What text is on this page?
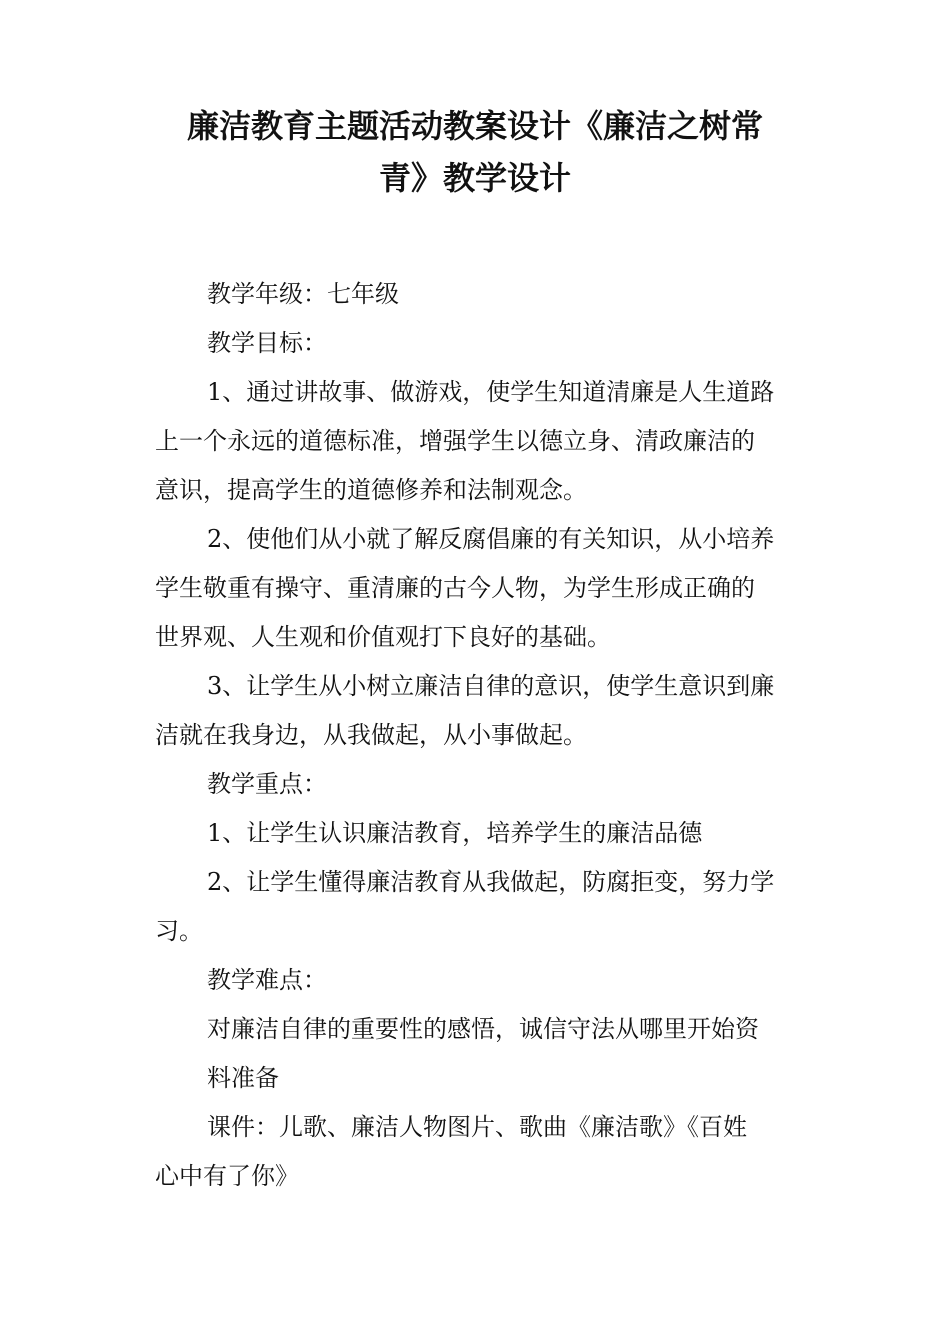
廉洁教育主题活动教案设计《廉洁之树常
青》教学设计
教学年级：七年级
教学目标：
1、通过讲故事、做游戏，使学生知道清廉是人生道路
上一个永远的道德标准，增强学生以德立身、清政廉洁的
意识，提高学生的道德修养和法制观念。
2、使他们从小就了解反腐倡廉的有关知识，从小培养
学生敬重有操守、重清廉的古今人物，为学生形成正确的
世界观、人生观和价值观打下良好的基础。
3、让学生从小树立廉洁自律的意识，使学生意识到廉
洁就在我身边，从我做起，从小事做起。
教学重点：
1、让学生认识廉洁教育，培养学生的廉洁品德
2、让学生懂得廉洁教育从我做起，防腐拒变，努力学
习。
教学难点：
对廉洁自律的重要性的感悟，诚信守法从哪里开始资
料准备
课件：儿歌、廉洁人物图片、歌曲《廉洁歌》《百姓
心中有了你》
